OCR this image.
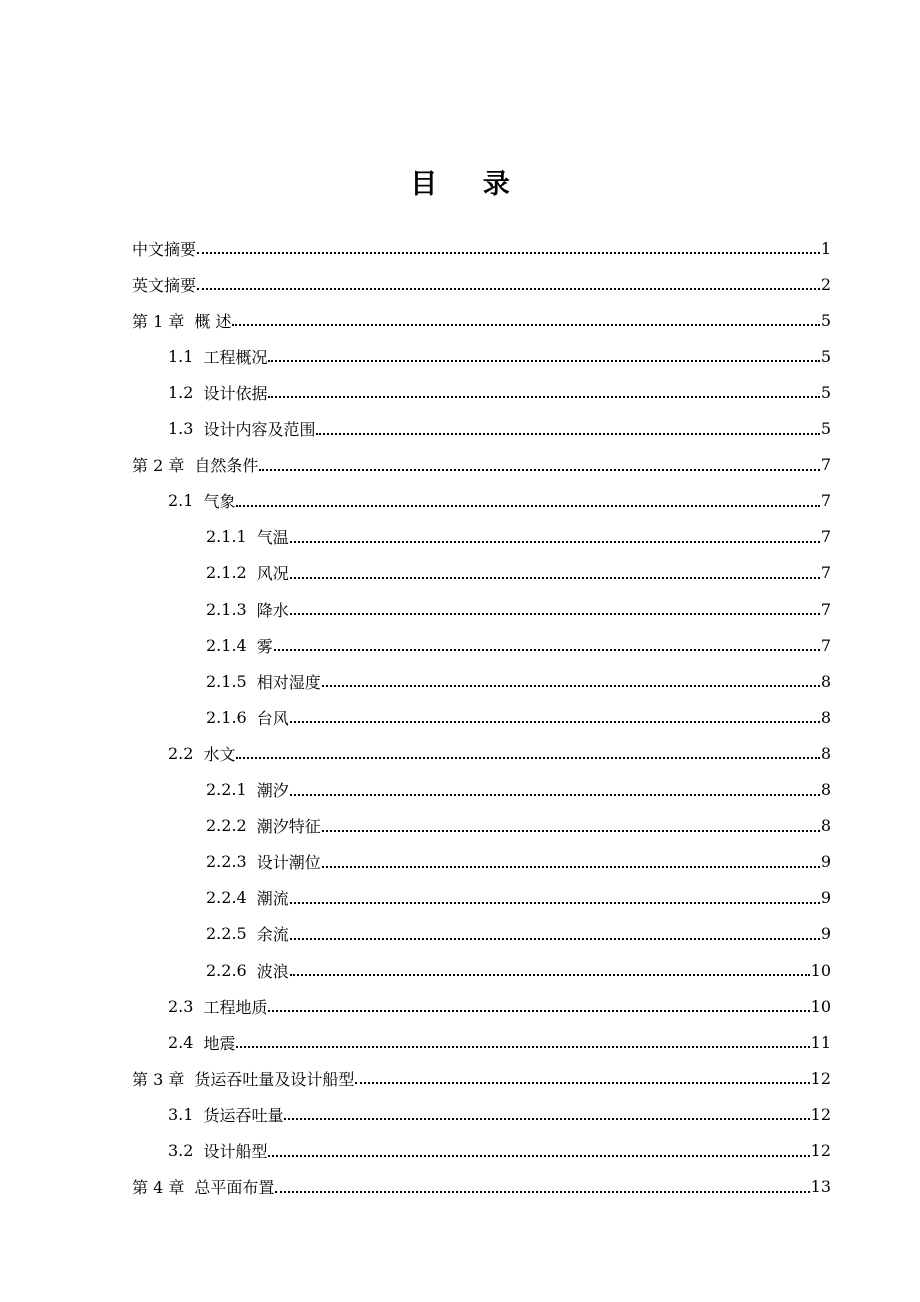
目 录
中文摘要	1
英文摘要	2
第 1 章 概 述	5
1.1 工程概况	5
1.2 设计依据	5
1.3 设计内容及范围	5
第 2 章 自然条件	7
2.1 气象	7
2.1.1 气温	7
2.1.2 风况	7
2.1.3 降水	7
2.1.4 雾	7
2.1.5 相对湿度	8
2.1.6 台风	8
2.2 水文	8
2.2.1 潮汐	8
2.2.2 潮汐特征	8
2.2.3 设计潮位	9
2.2.4 潮流	9
2.2.5 余流	9
2.2.6 波浪	10
2.3 工程地质	10
2.4 地震	11
第 3 章 货运吞吐量及设计船型	12
3.1 货运吞吐量	12
3.2 设计船型	12
第 4 章 总平面布置	13
